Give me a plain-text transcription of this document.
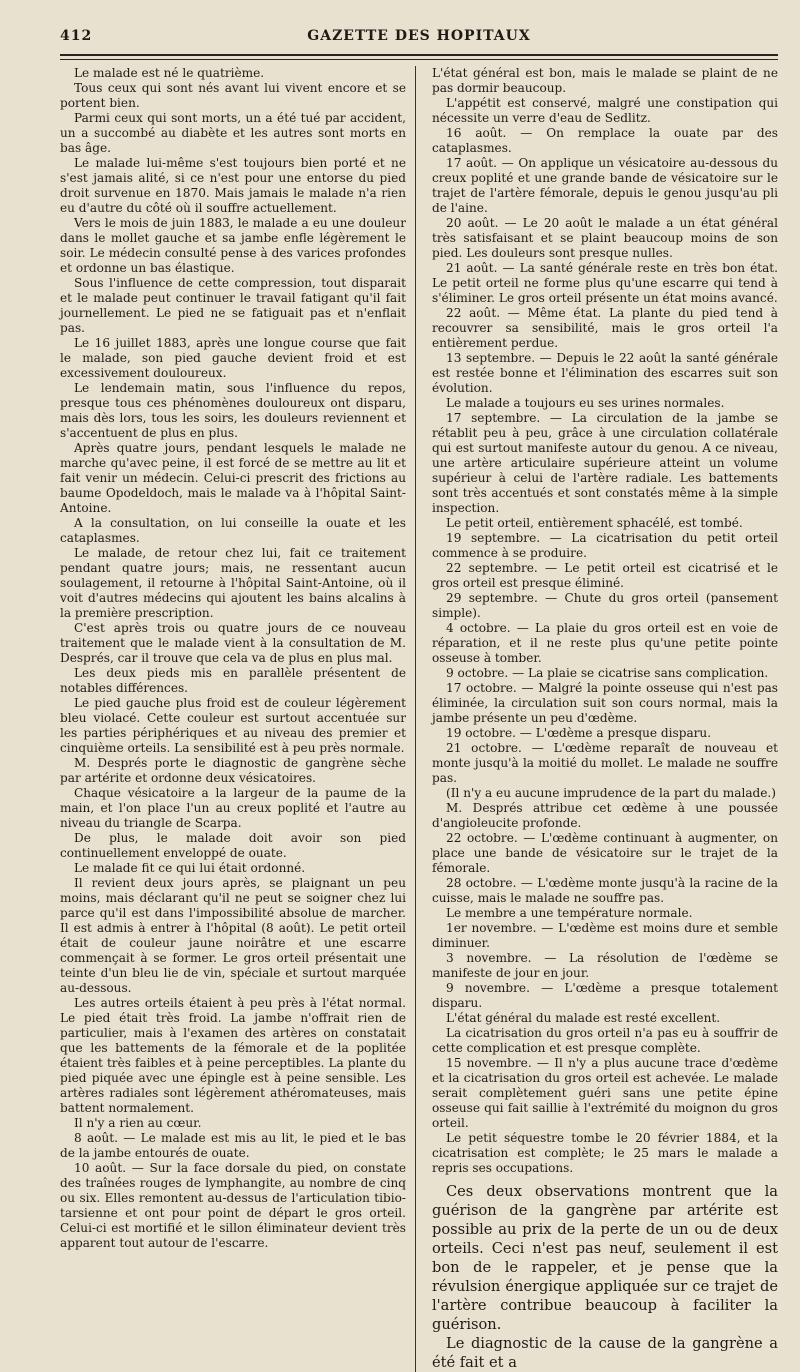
412	GAZETTE DES HOPITAUX

Le malade est né le quatrième.

Tous ceux qui sont nés avant lui vivent encore et se portent bien.

Parmi ceux qui sont morts, un a été tué par accident, un a succombé au diabète et les autres sont morts en bas âge.

Le malade lui-même s'est toujours bien porté et ne s'est jamais alité, si ce n'est pour une entorse du pied droit survenue en 1870. Mais jamais le malade n'a rien eu d'autre du côté où il souffre actuellement.

Vers le mois de juin 1883, le malade a eu une douleur dans le mollet gauche et sa jambe enfle légèrement le soir. Le médecin consulté pense à des varices profondes et ordonne un bas élastique.

Sous l'influence de cette compression, tout disparait et le malade peut continuer le travail fatigant qu'il fait journellement. Le pied ne se fatiguait pas et n'enflait pas.

Le 16 juillet 1883, après une longue course que fait le malade, son pied gauche devient froid et est excessivement douloureux.

Le lendemain matin, sous l'influence du repos, presque tous ces phénomènes douloureux ont disparu, mais dès lors, tous les soirs, les douleurs reviennent et s'accentuent de plus en plus.

Après quatre jours, pendant lesquels le malade ne marche qu'avec peine, il est forcé de se mettre au lit et fait venir un médecin. Celui-ci prescrit des frictions au baume Opodeldoch, mais le malade va à l'hôpital Saint-Antoine.

A la consultation, on lui conseille la ouate et les cataplasmes.

Le malade, de retour chez lui, fait ce traitement pendant quatre jours; mais, ne ressentant aucun soulagement, il retourne à l'hôpital Saint-Antoine, où il voit d'autres médecins qui ajoutent les bains alcalins à la première prescription.

C'est après trois ou quatre jours de ce nouveau traitement que le malade vient à la consultation de M. Després, car il trouve que cela va de plus en plus mal.

Les deux pieds mis en parallèle présentent de notables différences.

Le pied gauche plus froid est de couleur légèrement bleu violacé. Cette couleur est surtout accentuée sur les parties périphériques et au niveau des premier et cinquième orteils. La sensibilité est à peu près normale.

M. Després porte le diagnostic de gangrène sèche par artérite et ordonne deux vésicatoires.

Chaque vésicatoire a la largeur de la paume de la main, et l'on place l'un au creux poplité et l'autre au niveau du triangle de Scarpa.

De plus, le malade doit avoir son pied continuellement enveloppé de ouate.

Le malade fit ce qui lui était ordonné.

Il revient deux jours après, se plaignant un peu moins, mais déclarant qu'il ne peut se soigner chez lui parce qu'il est dans l'impossibilité absolue de marcher. Il est admis à entrer à l'hôpital (8 août). Le petit orteil était de couleur jaune noirâtre et une escarre commençait à se former. Le gros orteil présentait une teinte d'un bleu lie de vin, spéciale et surtout marquée au-dessous.

Les autres orteils étaient à peu près à l'état normal. Le pied était très froid. La jambe n'offrait rien de particulier, mais à l'examen des artères on constatait que les battements de la fémorale et de la poplitée étaient très faibles et à peine perceptibles. La plante du pied piquée avec une épingle est à peine sensible. Les artères radiales sont légèrement athéromateuses, mais battent normalement.

Il n'y a rien au cœur.

8 août. — Le malade est mis au lit, le pied et le bas de la jambe entourés de ouate.

10 août. — Sur la face dorsale du pied, on constate des traînées rouges de lymphangite, au nombre de cinq ou six. Elles remontent au-dessus de l'articulation tibio-tarsienne et ont pour point de départ le gros orteil. Celui-ci est mortifié et le sillon éliminateur devient très apparent tout autour de l'escarre.

L'état général est bon, mais le malade se plaint de ne pas dormir beaucoup.

L'appétit est conservé, malgré une constipation qui nécessite un verre d'eau de Sedlitz.

16 août. — On remplace la ouate par des cataplasmes.

17 août. — On applique un vésicatoire au-dessous du creux poplité et une grande bande de vésicatoire sur le trajet de l'artère fémorale, depuis le genou jusqu'au pli de l'aine.

20 août. — Le 20 août le malade a un état général très satisfaisant et se plaint beaucoup moins de son pied. Les douleurs sont presque nulles.

21 août. — La santé générale reste en très bon état. Le petit orteil ne forme plus qu'une escarre qui tend à s'éliminer. Le gros orteil présente un état moins avancé.

22 août. — Même état. La plante du pied tend à recouvrer sa sensibilité, mais le gros orteil l'a entièrement perdue.

13 septembre. — Depuis le 22 août la santé générale est restée bonne et l'élimination des escarres suit son évolution.

Le malade a toujours eu ses urines normales.

17 septembre. — La circulation de la jambe se rétablit peu à peu, grâce à une circulation collatérale qui est surtout manifeste autour du genou. A ce niveau, une artère articulaire supérieure atteint un volume supérieur à celui de l'artère radiale. Les battements sont très accentués et sont constatés même à la simple inspection.

Le petit orteil, entièrement sphacélé, est tombé.

19 septembre. — La cicatrisation du petit orteil commence à se produire.

22 septembre. — Le petit orteil est cicatrisé et le gros orteil est presque éliminé.

29 septembre. — Chute du gros orteil (pansement simple).

4 octobre. — La plaie du gros orteil est en voie de réparation, et il ne reste plus qu'une petite pointe osseuse à tomber.

9 octobre. — La plaie se cicatrise sans complication.

17 octobre. — Malgré la pointe osseuse qui n'est pas éliminée, la circulation suit son cours normal, mais la jambe présente un peu d'œdème.

19 octobre. — L'œdème a presque disparu.

21 octobre. — L'œdème reparaît de nouveau et monte jusqu'à la moitié du mollet. Le malade ne souffre pas.

(Il n'y a eu aucune imprudence de la part du malade.)

M. Després attribue cet œdème à une poussée d'angioleucite profonde.

22 octobre. — L'œdème continuant à augmenter, on place une bande de vésicatoire sur le trajet de la fémorale.

28 octobre. — L'œdème monte jusqu'à la racine de la cuisse, mais le malade ne souffre pas.

Le membre a une température normale.

1er novembre. — L'œdème est moins dure et semble diminuer.

3 novembre. — La résolution de l'œdème se manifeste de jour en jour.

9 novembre. — L'œdème a presque totalement disparu.

L'état général du malade est resté excellent.

La cicatrisation du gros orteil n'a pas eu à souffrir de cette complication et est presque complète.

15 novembre. — Il n'y a plus aucune trace d'œdème et la cicatrisation du gros orteil est achevée. Le malade serait complètement guéri sans une petite épine osseuse qui fait saillie à l'extrémité du moignon du gros orteil.

Le petit séquestre tombe le 20 février 1884, et la cicatrisation est complète; le 25 mars le malade a repris ses occupations.

Ces deux observations montrent que la guérison de la gangrène par artérite est possible au prix de la perte de un ou de deux orteils. Ceci n'est pas neuf, seulement il est bon de le rappeler, et je pense que la révulsion énergique appliquée sur ce trajet de l'artère contribue beaucoup à faciliter la guérison.

Le diagnostic de la cause de la gangrène a été fait et a
